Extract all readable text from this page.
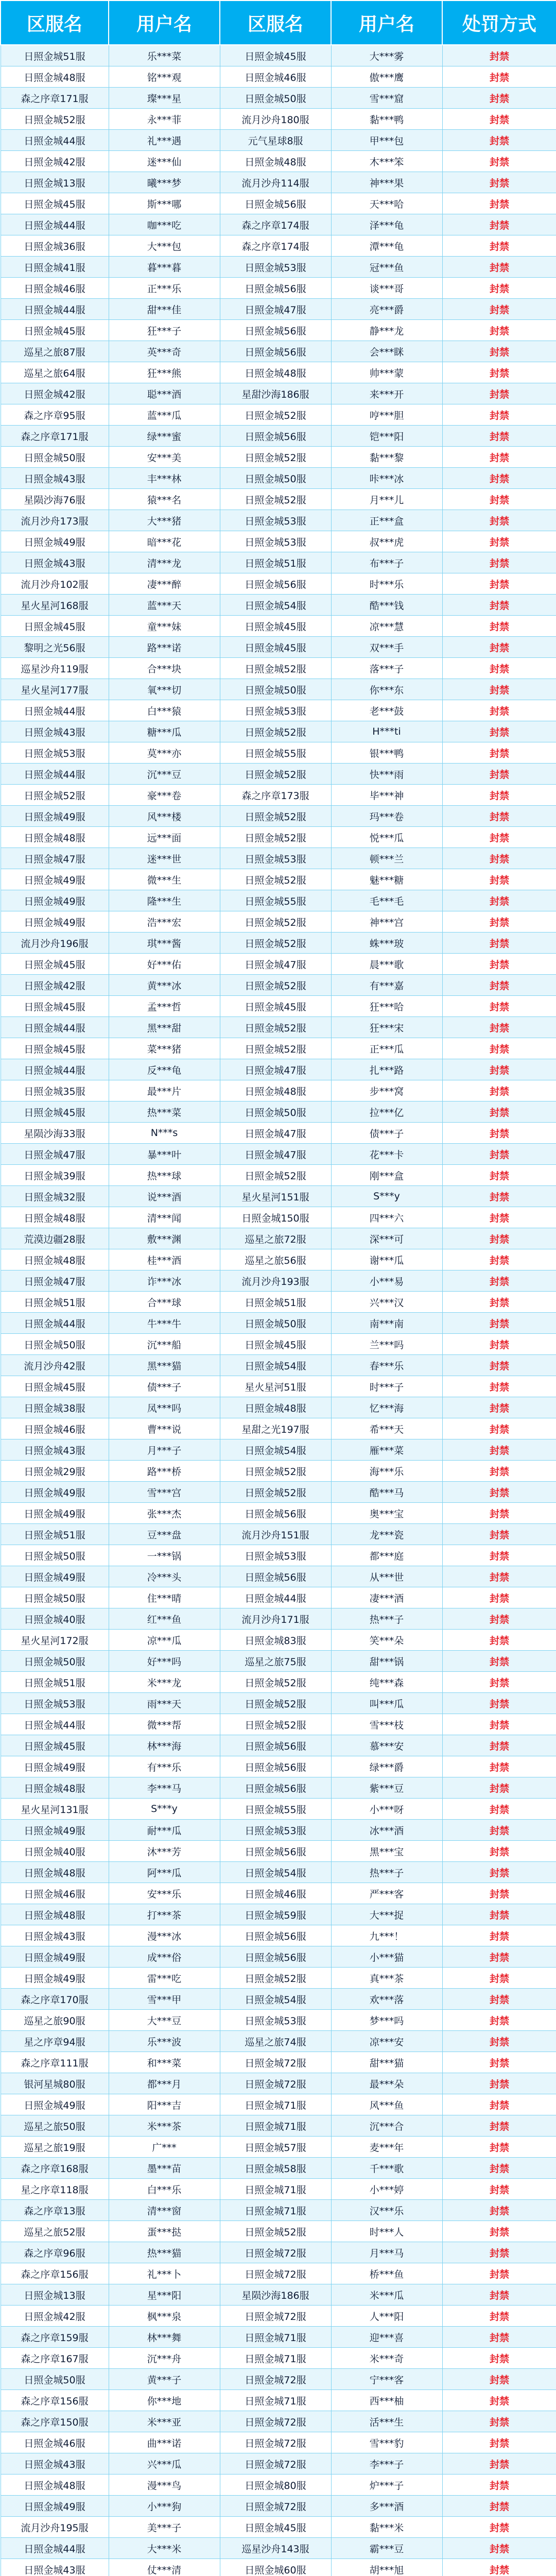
区服名	用户名	区服名	用户名	处罚方式
日照金城51服	乐***菜	日照金城45服	大***雾	封禁
日照金城48服	铭***观	日照金城46服	傲***鹰	封禁
森之序章171服	璨***星	日照金城50服	雪***窟	封禁
日照金城52服	永***菲	流月沙舟180服	黏***鸭	封禁
日照金城44服	礼***遇	元气星球8服	甲***包	封禁
日照金城42服	迷***仙	日照金城48服	木***笨	封禁
日照金城13服	曦***梦	流月沙舟114服	神***果	封禁
日照金城45服	斯***哪	日照金城56服	天***哈	封禁
日照金城44服	咖***吃	森之序章174服	泽***龟	封禁
日照金城36服	大***包	森之序章174服	潭***龟	封禁
日照金城41服	暮***暮	日照金城53服	冠***鱼	封禁
日照金城46服	正***乐	日照金城56服	谈***哥	封禁
日照金城44服	甜***佳	日照金城47服	亮***爵	封禁
日照金城45服	狂***子	日照金城56服	静***龙	封禁
巡星之旅87服	英***奇	日照金城56服	会***眯	封禁
巡星之旅64服	狂***熊	日照金城48服	帅***蒙	封禁
日照金城42服	聪***酒	星甜沙海186服	来***开	封禁
森之序章95服	蓝***瓜	日照金城52服	哼***胆	封禁
森之序章171服	绿***蜜	日照金城56服	铠***阳	封禁
日照金城50服	安***美	日照金城52服	黏***黎	封禁
日照金城43服	丰***林	日照金城50服	咔***冰	封禁
星陨沙海76服	猿***名	日照金城52服	月***儿	封禁
流月沙舟173服	大***猪	日照金城53服	正***盒	封禁
日照金城49服	暗***花	日照金城53服	叔***虎	封禁
日照金城43服	清***龙	日照金城51服	布***子	封禁
流月沙舟102服	凄***醉	日照金城56服	时***乐	封禁
星火星河168服	蓝***天	日照金城54服	酷***钱	封禁
日照金城45服	童***妹	日照金城45服	凉***慧	封禁
黎明之光56服	路***诺	日照金城45服	双***手	封禁
巡星沙舟119服	合***块	日照金城52服	落***子	封禁
星火星河177服	氧***切	日照金城50服	你***东	封禁
日照金城44服	白***猿	日照金城53服	老***鼓	封禁
日照金城43服	糖***瓜	日照金城52服	H***ti	封禁
日照金城53服	莫***亦	日照金城55服	银***鸭	封禁
日照金城44服	沉***豆	日照金城52服	快***雨	封禁
日照金城52服	豪***卷	森之序章173服	毕***神	封禁
日照金城49服	风***楼	日照金城52服	玛***卷	封禁
日照金城48服	远***面	日照金城52服	悦***瓜	封禁
日照金城47服	迷***世	日照金城53服	顿***兰	封禁
日照金城49服	微***生	日照金城52服	魅***糖	封禁
日照金城49服	隆***生	日照金城55服	毛***毛	封禁
日照金城49服	浩***宏	日照金城52服	神***宫	封禁
流月沙舟196服	琪***酱	日照金城52服	蛛***玻	封禁
日照金城45服	好***佑	日照金城47服	晨***歌	封禁
日照金城42服	黄***冰	日照金城52服	有***嘉	封禁
日照金城45服	孟***哲	日照金城45服	狂***哈	封禁
日照金城44服	黑***甜	日照金城52服	狂***宋	封禁
日照金城45服	菜***猪	日照金城52服	正***瓜	封禁
日照金城44服	反***龟	日照金城47服	扎***路	封禁
日照金城35服	最***片	日照金城48服	步***窝	封禁
日照金城45服	热***菜	日照金城50服	拉***亿	封禁
星陨沙海33服	N***s	日照金城47服	债***子	封禁
日照金城47服	暴***叶	日照金城47服	花***卡	封禁
日照金城39服	热***球	日照金城52服	刚***盒	封禁
日照金城32服	说***酒	星火星河151服	S***y	封禁
日照金城48服	清***闻	日照金城150服	四***六	封禁
荒漠边疆28服	敷***渊	巡星之旅72服	深***可	封禁
日照金城48服	桂***酒	巡星之旅56服	谢***瓜	封禁
日照金城47服	诈***冰	流月沙舟193服	小***易	封禁
日照金城51服	合***球	日照金城51服	兴***汉	封禁
日照金城44服	牛***牛	日照金城50服	南***南	封禁
日照金城50服	沉***船	日照金城45服	兰***吗	封禁
流月沙舟42服	黑***猫	日照金城54服	春***乐	封禁
日照金城45服	债***子	星火星河51服	时***子	封禁
日照金城38服	凤***吗	日照金城48服	忆***海	封禁
日照金城46服	曹***说	星甜之光197服	希***天	封禁
日照金城43服	月***子	日照金城54服	雁***菜	封禁
日照金城29服	路***桥	日照金城52服	海***乐	封禁
日照金城49服	雪***宫	日照金城52服	酷***马	封禁
日照金城49服	张***杰	日照金城56服	奥***宝	封禁
日照金城51服	豆***盘	流月沙舟151服	龙***瓷	封禁
日照金城50服	一***锅	日照金城53服	都***庭	封禁
日照金城49服	冷***头	日照金城56服	从***世	封禁
日照金城50服	住***晴	日照金城44服	凄***酒	封禁
日照金城40服	红***鱼	流月沙舟171服	热***子	封禁
星火星河172服	凉***瓜	日照金城83服	笑***朵	封禁
日照金城50服	好***吗	巡星之旅75服	甜***锅	封禁
日照金城51服	米***龙	日照金城52服	纯***森	封禁
日照金城53服	雨***天	日照金城52服	叫***瓜	封禁
日照金城44服	微***帮	日照金城52服	雪***枝	封禁
日照金城45服	林***海	日照金城56服	慕***安	封禁
日照金城49服	有***乐	日照金城56服	绿***爵	封禁
日照金城48服	李***马	日照金城56服	紫***豆	封禁
星火星河131服	S***y	日照金城55服	小***呀	封禁
日照金城49服	耐***瓜	日照金城53服	冰***酒	封禁
日照金城40服	沐***芳	日照金城56服	黑***宝	封禁
日照金城48服	阿***瓜	日照金城54服	热***子	封禁
日照金城46服	安***乐	日照金城46服	严***客	封禁
日照金城48服	打***茶	日照金城59服	大***捉	封禁
日照金城43服	漫***冰	日照金城56服	九***！	封禁
日照金城49服	成***俗	日照金城56服	小***猫	封禁
日照金城49服	雷***吃	日照金城52服	真***茶	封禁
森之序章170服	雪***甲	日照金城54服	欢***落	封禁
巡星之旅90服	大***豆	日照金城53服	梦***吗	封禁
星之序章94服	乐***波	巡星之旅74服	凉***安	封禁
森之序章111服	和***菜	日照金城72服	甜***猫	封禁
银河星城80服	都***月	日照金城72服	最***朵	封禁
日照金城49服	阳***吉	日照金城71服	风***鱼	封禁
巡星之旅50服	米***茶	日照金城71服	沉***合	封禁
巡星之旅19服	广***	日照金城57服	麦***年	封禁
森之序章168服	墨***苗	日照金城58服	千***歌	封禁
星之序章118服	白***乐	日照金城71服	小***婷	封禁
森之序章13服	清***窗	日照金城71服	汉***乐	封禁
巡星之旅52服	蛋***挞	日照金城52服	时***人	封禁
森之序章96服	热***猫	日照金城72服	月***马	封禁
森之序章156服	礼***卜	日照金城72服	桥***鱼	封禁
日照金城13服	星***阳	星陨沙海186服	米***瓜	封禁
日照金城42服	枫***泉	日照金城72服	人***阳	封禁
森之序章159服	林***舞	日照金城71服	迎***喜	封禁
森之序章167服	沉***舟	日照金城71服	米***奇	封禁
日照金城50服	黄***子	日照金城72服	宁***客	封禁
森之序章156服	你***地	日照金城71服	西***柚	封禁
森之序章150服	米***亚	日照金城72服	活***生	封禁
日照金城46服	曲***诺	日照金城72服	雪***豹	封禁
日照金城43服	兴***瓜	日照金城72服	李***子	封禁
日照金城48服	漫***鸟	日照金城80服	炉***子	封禁
日照金城49服	小***狗	日照金城72服	多***酒	封禁
流月沙舟195服	美***子	日照金城45服	黏***米	封禁
日照金城44服	大***米	巡星沙舟143服	霸***豆	封禁
日照金城43服	仗***清	日照金城60服	胡***旭	封禁
